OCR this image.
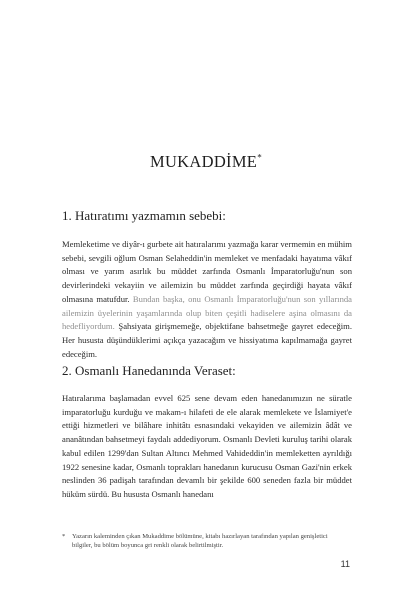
MUKADDİME*
1. Hatıratımı yazmamın sebebi:
Memleketime ve diyâr-ı gurbete ait hatıralarımı yazmağa karar vermemin en mühim sebebi, sevgili oğlum Osman Selaheddin'in memleket ve menfadaki hayatıma vâkıf olması ve yarım asırlık bu müddet zarfında Osmanlı İmparatorluğu'nun son devirlerindeki vekayiin ve ailemizin bu müddet zarfında geçirdiği hayata vâkıf olmasına matufdur. Bundan başka, onu Osmanlı İmparatorluğu'nun son yıllarında ailemizin üyelerinin yaşamlarında olup biten çeşitli hadiselere aşina olmasını da hedefliyordum. Şahsiyata girişmemeğe, objektifane bahsetmeğe gayret edeceğim. Her hususta düşündüklerimi açıkça yazacağım ve hissiyatıma kapılmamağa gayret edeceğim.
2. Osmanlı Hanedanında Veraset:
Hatıralarıma başlamadan evvel 625 sene devam eden hanedanımızın ne süratle imparatorluğu kurduğu ve makam-ı hilafeti de ele alarak memlekete ve İslamiyet'e ettiği hizmetleri ve bilâhare inhitâtı esnasındaki vekayiden ve ailemizin âdât ve ananâtından bahsetmeyi faydalı addediyorum. Osmanlı Devleti kuruluş tarihi olarak kabul edilen 1299'dan Sultan Altıncı Mehmed Vahideddin'in memleketten ayrıldığı 1922 senesine kadar, Osmanlı toprakları hanedanın kurucusu Osman Gazi'nin erkek neslinden 36 padişah tarafından devamlı bir şekilde 600 seneden fazla bir müddet hüküm sürdü. Bu hususta Osmanlı hanedanı
* Yazarın kaleminden çıkan Mukaddime bölümüne, kitabı hazırlayan tarafından yapılan genişletici
bilgiler, bu bölüm boyunca gri renkli olarak belirtilmiştir.
11
